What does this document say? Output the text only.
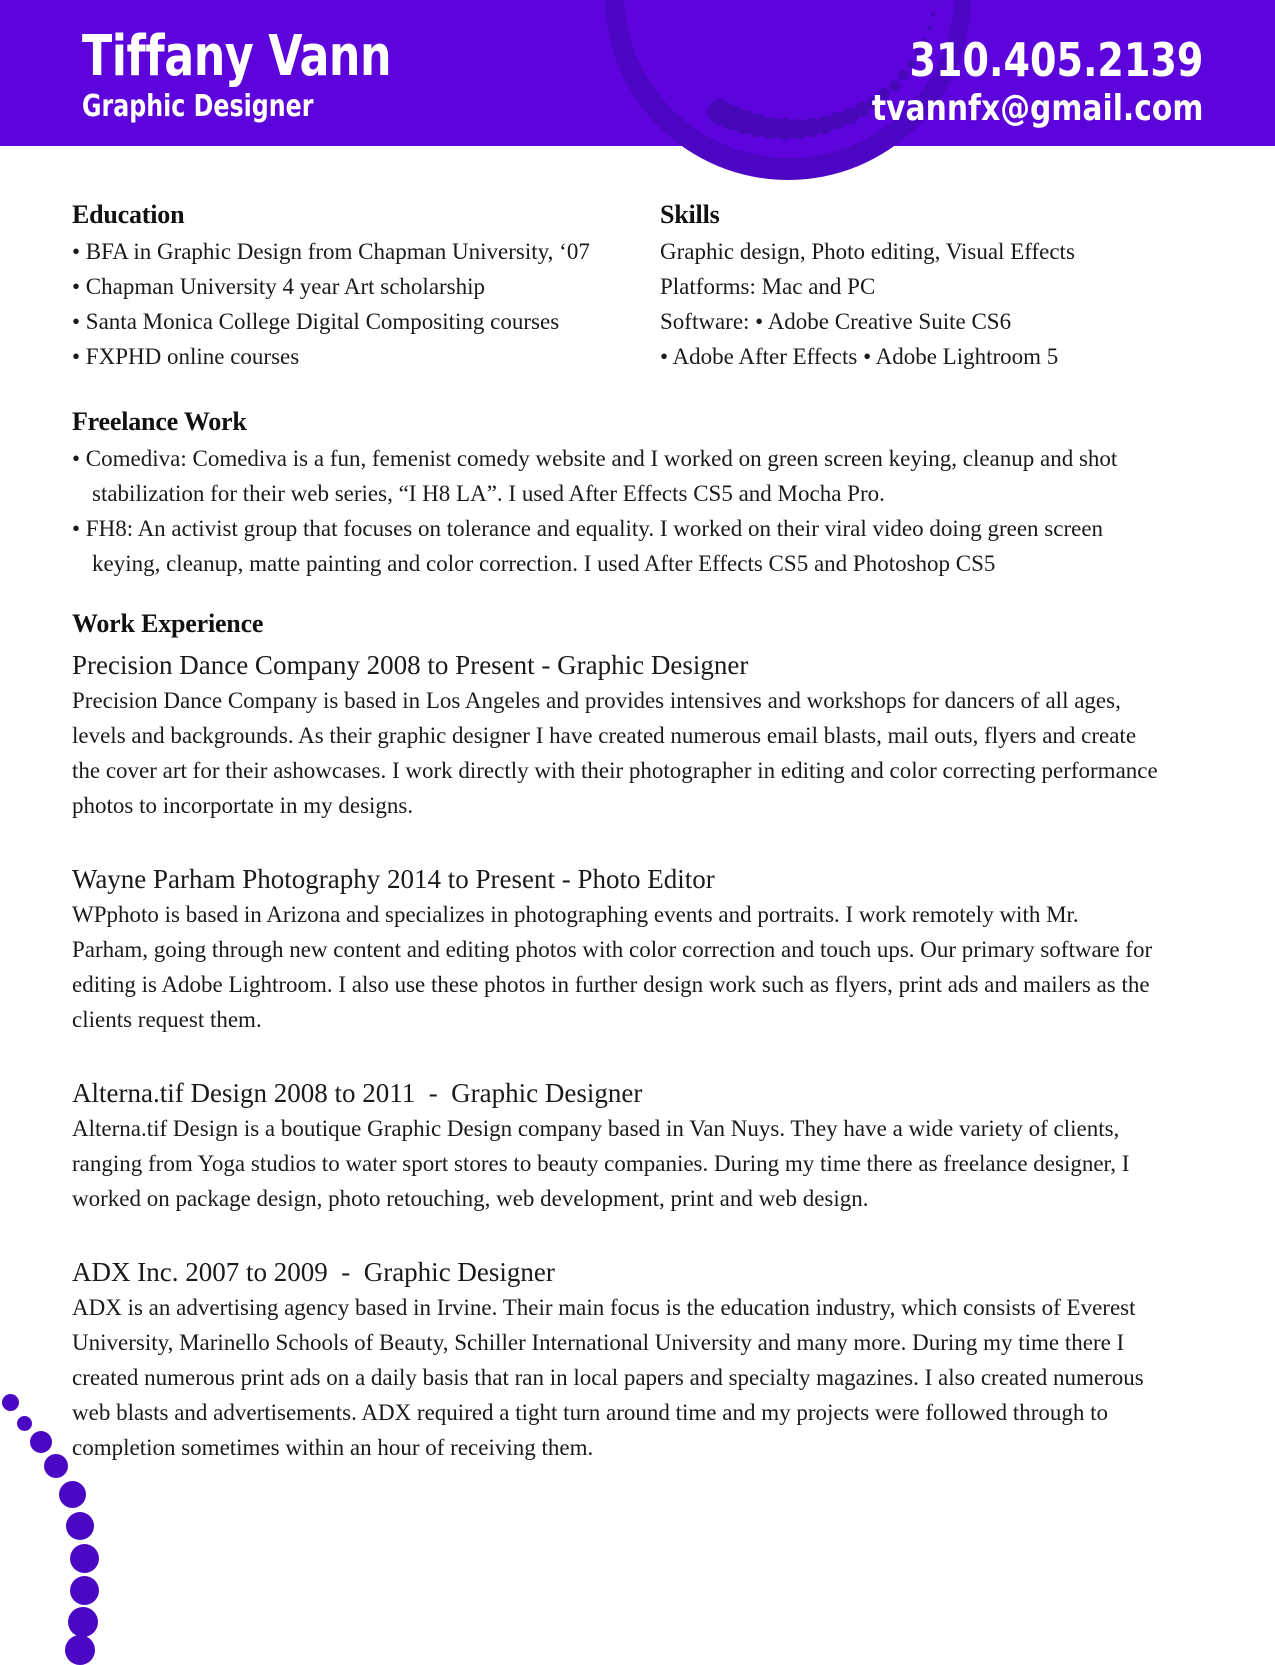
Tiffany Vann
Graphic Designer
310.405.2139
tvannfx@gmail.com
Education

• BFA in Graphic Design from Chapman University, ‘07

• Chapman University 4 year Art scholarship

• Santa Monica College Digital Compositing courses

• FXPHD online courses

Skills

Graphic design, Photo editing, Visual Effects

Platforms: Mac and PC

Software: • Adobe Creative Suite CS6

• Adobe After Effects • Adobe Lightroom 5

Freelance Work

• Comediva: Comediva is a fun, femenist comedy website and I worked on green screen keying, cleanup and shot stabilization for their web series, “I H8 LA”. I used After Effects CS5 and Mocha Pro.

• FH8: An activist group that focuses on tolerance and equality. I worked on their viral video doing green screen keying, cleanup, matte painting and color correction. I used After Effects CS5 and Photoshop CS5

Work Experience

Precision Dance Company 2008 to Present - Graphic Designer

Precision Dance Company is based in Los Angeles and provides intensives and workshops for dancers of all ages, levels and backgrounds. As their graphic designer I have created numerous email blasts, mail outs, flyers and create the cover art for their ashowcases. I work directly with their photographer in editing and color correcting performance photos to incorportate in my designs.

Wayne Parham Photography 2014 to Present - Photo Editor

WPphoto is based in Arizona and specializes in photographing events and portraits. I work remotely with Mr. Parham, going through new content and editing photos with color correction and touch ups. Our primary software for editing is Adobe Lightroom. I also use these photos in further design work such as flyers, print ads and mailers as the clients request them.

Alterna.tif Design 2008 to 2011  -  Graphic Designer

Alterna.tif Design is a boutique Graphic Design company based in Van Nuys. They have a wide variety of clients, ranging from Yoga studios to water sport stores to beauty companies. During my time there as freelance designer, I worked on package design, photo retouching, web development, print and web design.

ADX Inc. 2007 to 2009  -  Graphic Designer

ADX is an advertising agency based in Irvine. Their main focus is the education industry, which consists of Everest University, Marinello Schools of Beauty, Schiller International University and many more. During my time there I created numerous print ads on a daily basis that ran in local papers and specialty magazines. I also created numerous web blasts and advertisements. ADX required a tight turn around time and my projects were followed through to completion sometimes within an hour of receiving them.
